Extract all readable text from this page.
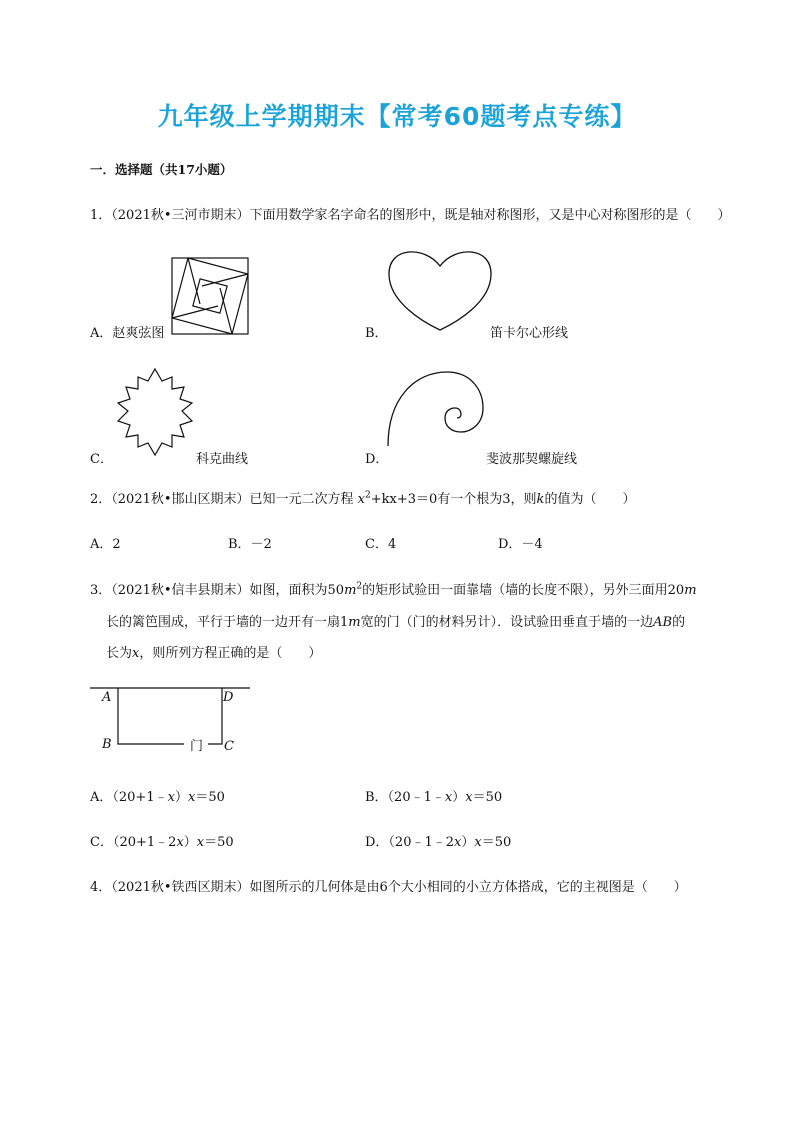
九年级上学期期末【常考60题考点专练】
一．选择题（共17小题）
1．（2021秋•三河市期末）下面用数学家名字命名的图形中，既是轴对称图形，又是中心对称图形的是（　　）
A．赵爽弦图	B．	笛卡尔心形线
C．	科克曲线	D．	斐波那契螺旋线
2．（2021秋•邯山区期末）已知一元二次方程 $x^2+kx+3=0$有一个根为3，则k的值为（　　）
A．2	B．－2	C．4	D．－4
3．（2021秋•信丰县期末）如图，面积为$50m^2$的矩形试验田一面靠墙（墙的长度不限），另外三面用20m
长的篱笆围成，平行于墙的一边开有一扇1m宽的门（门的材料另计）．设试验田垂直于墙的一边AB的
长为x，则所列方程正确的是（　　）
A	D
B	C
门
A．（20+1﹣x）x＝50	B．（20﹣1﹣x）x＝50
C．（20+1﹣2x）x＝50	D．（20﹣1﹣2x）x＝50
4．（2021秋•铁西区期末）如图所示的几何体是由6个大小相同的小立方体搭成，它的主视图是（　　）
